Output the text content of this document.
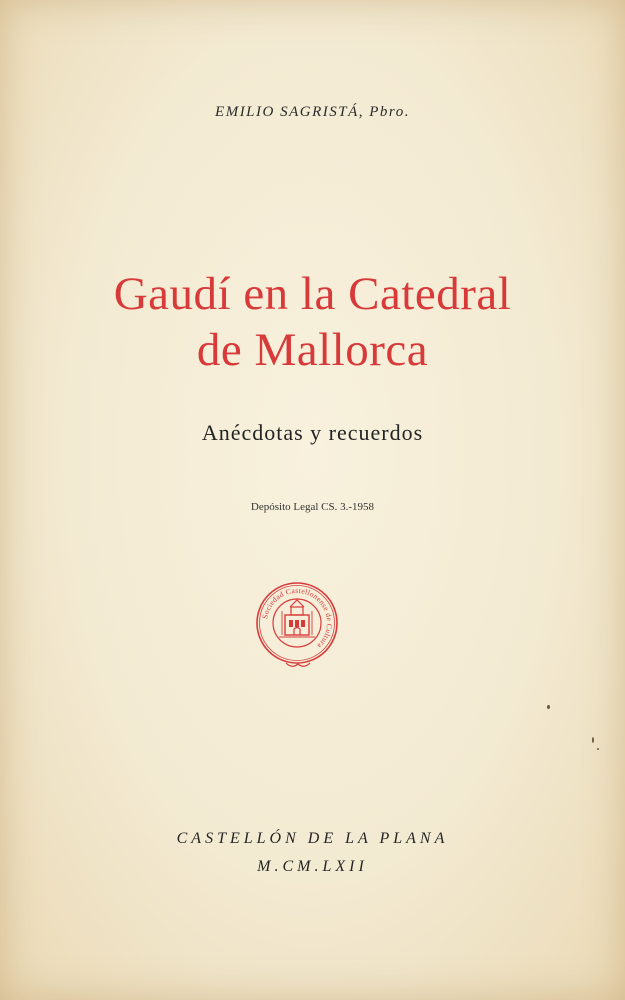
EMILIO SAGRISTÁ, Pbro.
Gaudí en la Catedral
de Mallorca
Anécdotas y recuerdos
Depósito Legal CS. 3.-1958
Sociedad Castellonense de Cultura
CASTELLÓN DE LA PLANA
M.CM.LXII
